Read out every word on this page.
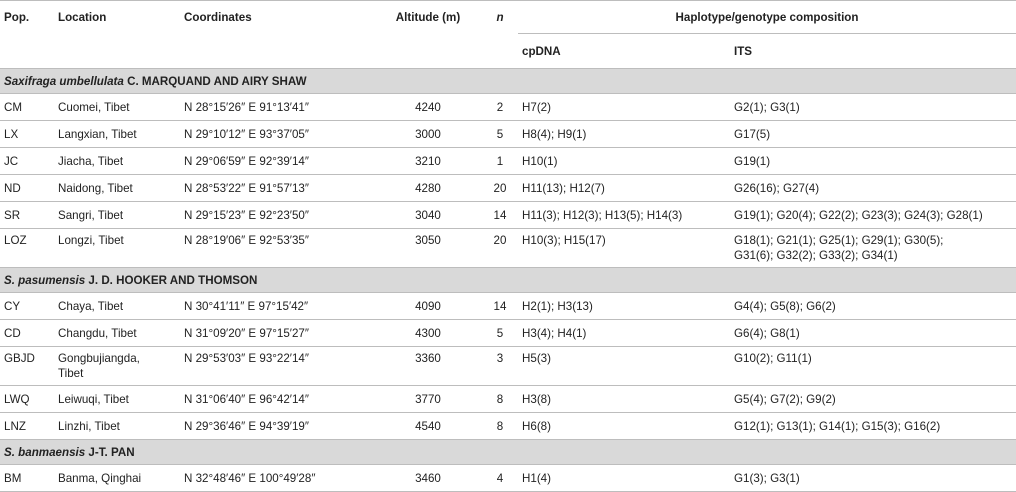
Pop.	Location	Coordinates	Altitude (m)	n	Haplotype/genotype composition	
					cpDNA	ITS
Saxifraga umbellulata C. MARQUAND AND AIRY SHAW						

CM	Cuomei, Tibet	N 28°15′26″ E 91°13′41″	4240	2	H7(2)	G2(1); G3(1)

LX	Langxian, Tibet	N 29°10′12″ E 93°37′05″	3000	5	H8(4); H9(1)	G17(5)

JC	Jiacha, Tibet	N 29°06′59″ E 92°39′14″	3210	1	H10(1)	G19(1)

ND	Naidong, Tibet	N 28°53′22″ E 91°57′13″	4280	20	H11(13); H12(7)	G26(16); G27(4)

SR	Sangri, Tibet	N 29°15′23″ E 92°23′50″	3040	14	H11(3); H12(3); H13(5); H14(3)	G19(1); G20(4); G22(2); G23(3); G24(3); G28(1)

LOZ	Longzi, Tibet	N 28°19′06″ E 92°53′35″	3050	20	H10(3); H15(17)	G18(1); G21(1); G25(1); G29(1); G30(5);
G31(6); G32(2); G33(2); G34(1)

S. pasumensis J. D. HOOKER AND THOMSON						

CY	Chaya, Tibet	N 30°41′11″ E 97°15′42″	4090	14	H2(1); H3(13)	G4(4); G5(8); G6(2)

CD	Changdu, Tibet	N 31°09′20″ E 97°15′27″	4300	5	H3(4); H4(1)	G6(4); G8(1)

GBJD	Gongbujiangda,
Tibet	N 29°53′03″ E 93°22′14″	3360	3	H5(3)	G10(2); G11(1)

LWQ	Leiwuqi, Tibet	N 31°06′40″ E 96°42′14″	3770	8	H3(8)	G5(4); G7(2); G9(2)

LNZ	Linzhi, Tibet	N 29°36′46″ E 94°39′19″	4540	8	H6(8)	G12(1); G13(1); G14(1); G15(3); G16(2)

S. banmaensis J-T. PAN						

BM	Banma, Qinghai	N 32°48′46″ E 100°49′28″	3460	4	H1(4)	G1(3); G3(1)
